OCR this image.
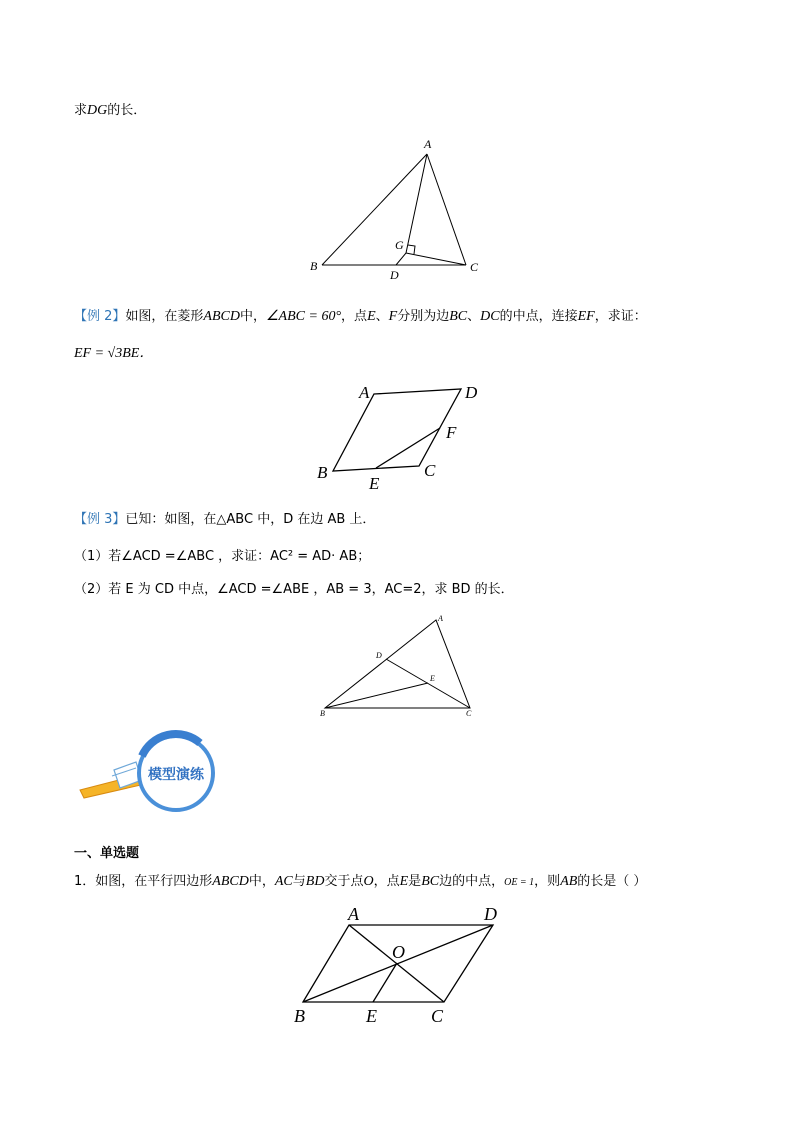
求DG的长．
A
B	C
D
G
【例 2】如图，在菱形ABCD中，∠ABC = 60°，点E、F分别为边BC、DC的中点，连接EF，求证：
EF = √3BE．
A	D
F
B	C
E
【例 3】已知：如图，在△ABC 中，D 在边 AB 上．
（1）若∠ACD =∠ABC ，求证：AC² = AD· AB；
（2）若 E 为 CD 中点，∠ACD =∠ABE ，AB = 3，AC=2，求 BD 的长．
A
D
E
B	C
模型演练
一、单选题
1．如图，在平行四边形ABCD中，AC与BD交于点O，点E是BC边的中点，OE = 1，则AB的长是（ ）
A	D
O
B	E	C
